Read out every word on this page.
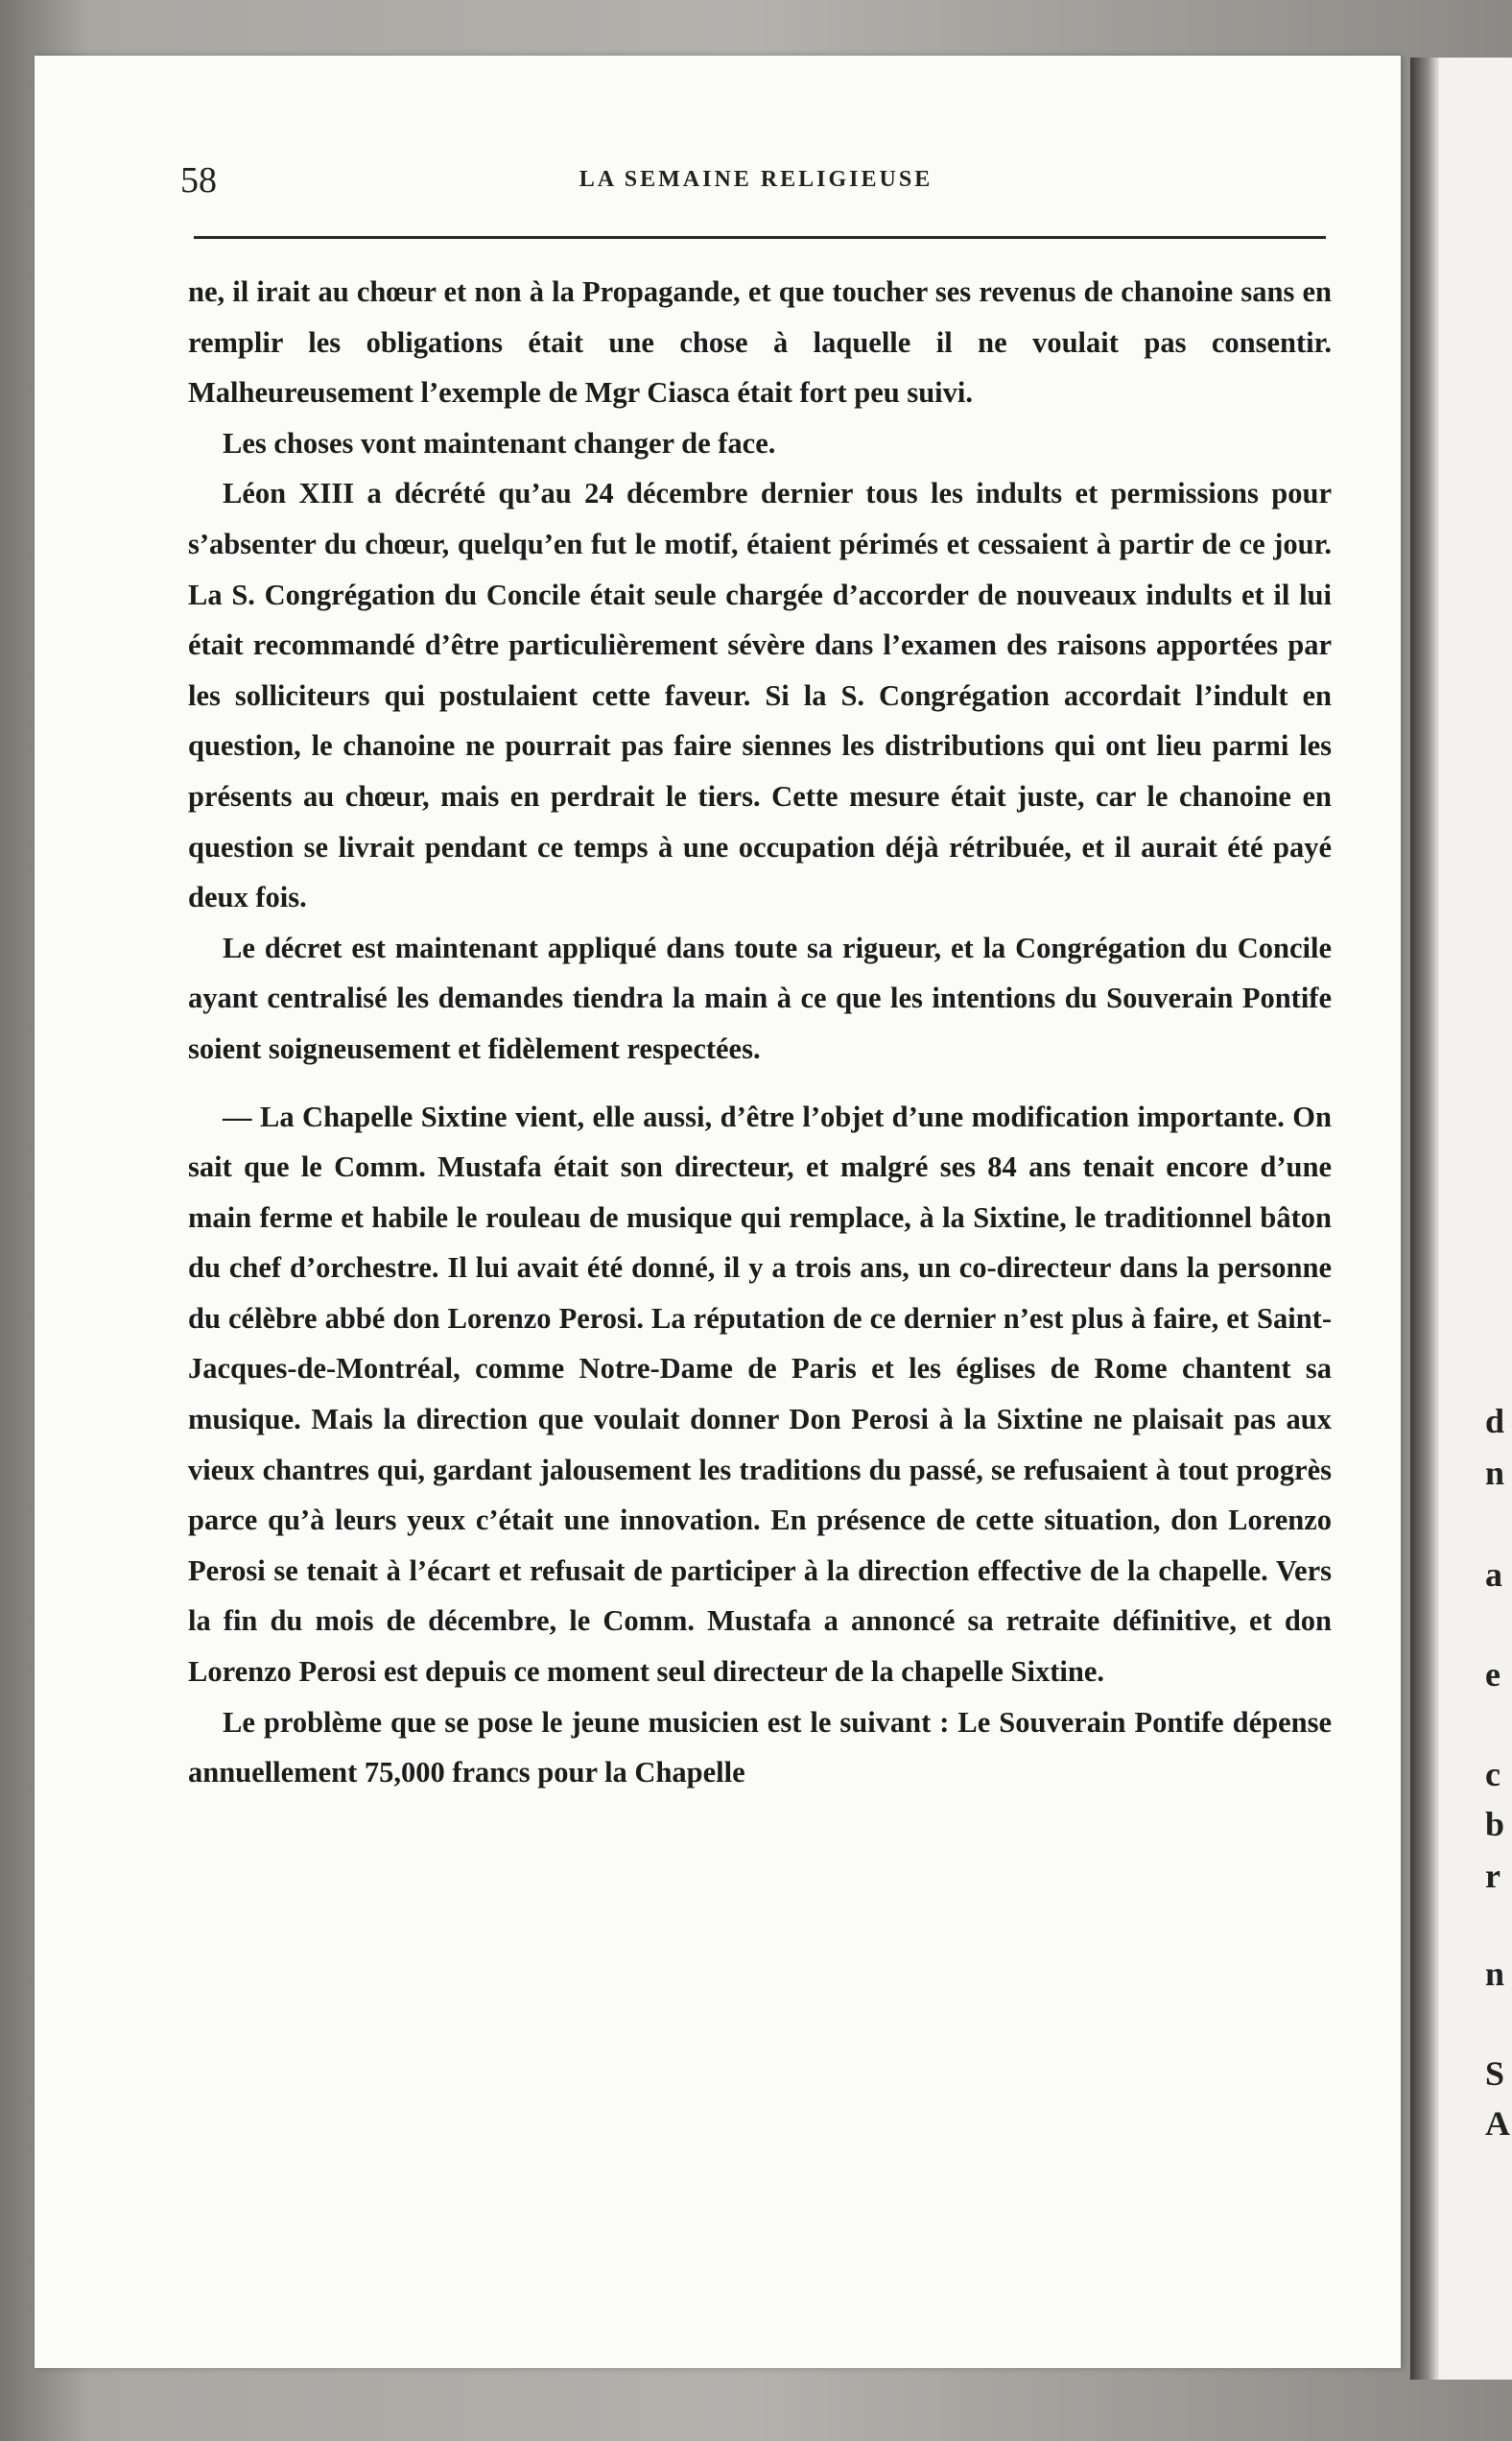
d
n
a
e
c
b
r
n
S
A
58	LA SEMAINE RELIGIEUSE

ne, il irait au chœur et non à la Propagande, et que toucher ses revenus de chanoine sans en remplir les obligations était une chose à laquelle il ne voulait pas consentir. Malheureusement l’exemple de Mgr Ciasca était fort peu suivi.

Les choses vont maintenant changer de face.

Léon XIII a décrété qu’au 24 décembre dernier tous les indults et permissions pour s’absenter du chœur, quelqu’en fut le motif, étaient périmés et cessaient à partir de ce jour. La S. Congrégation du Concile était seule chargée d’accorder de nouveaux indults et il lui était recommandé d’être particulièrement sévère dans l’examen des raisons apportées par les solliciteurs qui postulaient cette faveur. Si la S. Congrégation accordait l’indult en question, le chanoine ne pourrait pas faire siennes les distributions qui ont lieu parmi les présents au chœur, mais en perdrait le tiers. Cette mesure était juste, car le chanoine en question se livrait pendant ce temps à une occupation déjà rétribuée, et il aurait été payé deux fois.

Le décret est maintenant appliqué dans toute sa rigueur, et la Congrégation du Concile ayant centralisé les demandes tiendra la main à ce que les intentions du Souverain Pontife soient soigneusement et fidèlement respectées.

— La Chapelle Sixtine vient, elle aussi, d’être l’objet d’une modification importante. On sait que le Comm. Mustafa était son directeur, et malgré ses 84 ans tenait encore d’une main ferme et habile le rouleau de musique qui remplace, à la Sixtine, le traditionnel bâton du chef d’orchestre. Il lui avait été donné, il y a trois ans, un co-directeur dans la personne du célèbre abbé don Lorenzo Perosi. La réputation de ce dernier n’est plus à faire, et Saint-Jacques-de-Montréal, comme Notre-Dame de Paris et les églises de Rome chantent sa musique. Mais la direction que voulait donner Don Perosi à la Sixtine ne plaisait pas aux vieux chantres qui, gardant jalousement les traditions du passé, se refusaient à tout progrès parce qu’à leurs yeux c’était une innovation. En présence de cette situation, don Lorenzo Perosi se tenait à l’écart et refusait de participer à la direction effective de la chapelle. Vers la fin du mois de décembre, le Comm. Mustafa a annoncé sa retraite définitive, et don Lorenzo Perosi est depuis ce moment seul directeur de la chapelle Sixtine.

Le problème que se pose le jeune musicien est le suivant : Le Souverain Pontife dépense annuellement 75,000 francs pour la Chapelle
